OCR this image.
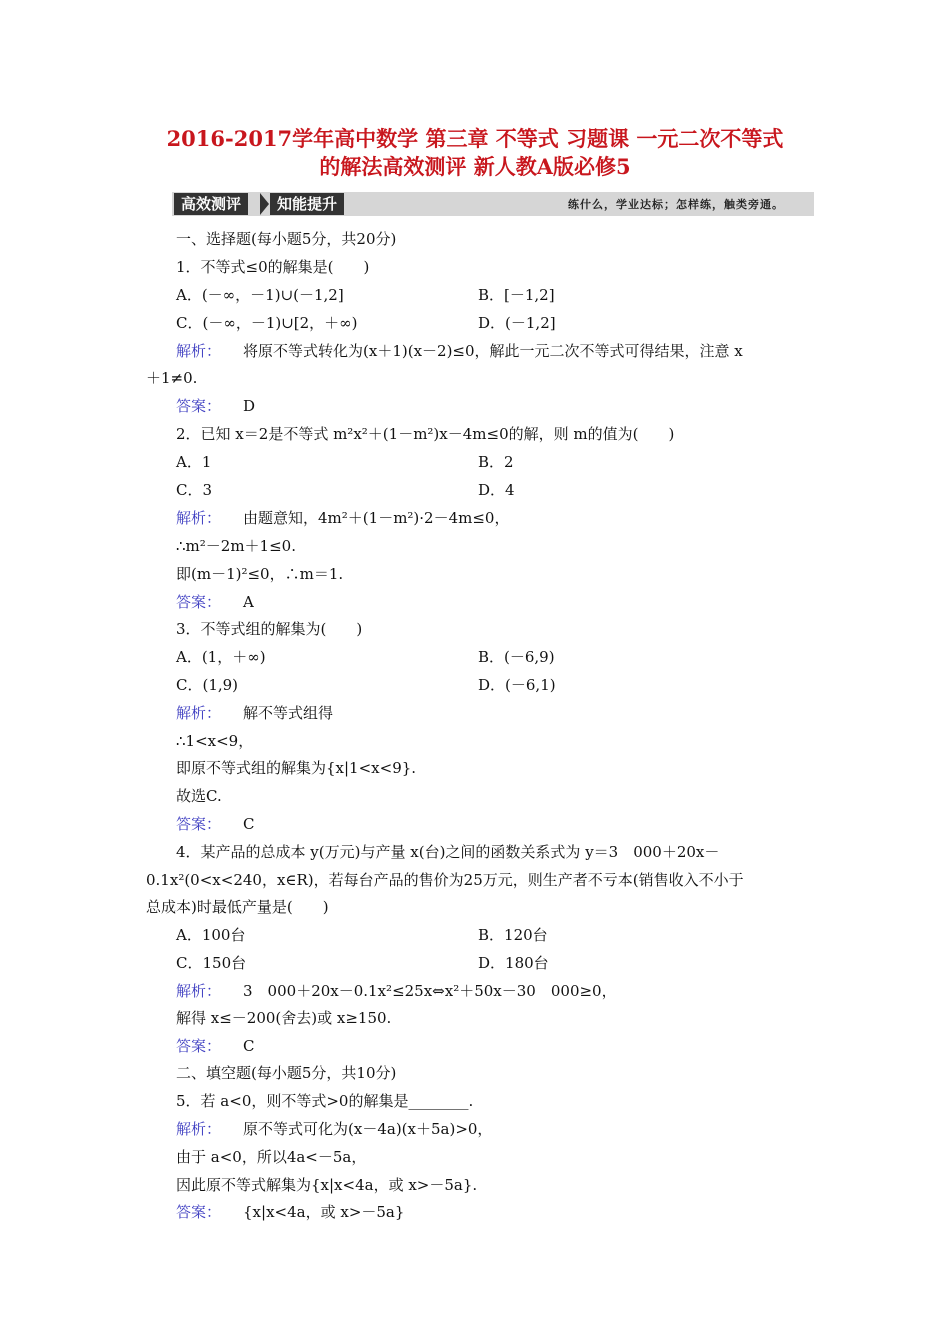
2016-2017学年高中数学 第三章 不等式 习题课 一元二次不等式
的解法高效测评 新人教A版必修5
高效测评	知能提升	练什么，学业达标；怎样练，触类旁通。
一、选择题(每小题5分，共20分)
1．不等式≤0的解集是(　　)
A．(－∞，－1)∪(－1,2]	B．[－1,2]
C．(－∞，－1)∪[2，＋∞)	D．(－1,2]
解析： 将原不等式转化为(x＋1)(x－2)≤0，解此一元二次不等式可得结果，注意 x
＋1≠0.
答案： D
2．已知 x＝2是不等式 m²x²＋(1－m²)x－4m≤0的解，则 m的值为(　　)
A．1	B．2
C．3	D．4
解析： 由题意知，4m²＋(1－m²)·2－4m≤0，
∴m²－2m＋1≤0.
即(m－1)²≤0，∴m＝1.
答案： A
3．不等式组的解集为(　　)
A．(1，＋∞)	B．(－6,9)
C．(1,9)	D．(－6,1)
解析： 解不等式组得
∴1<x<9，
即原不等式组的解集为{x|1<x<9}.
故选C.
答案： C
4．某产品的总成本 y(万元)与产量 x(台)之间的函数关系式为 y＝3　000＋20x－
0.1x²(0<x<240，x∈R)，若每台产品的售价为25万元，则生产者不亏本(销售收入不小于
总成本)时最低产量是(　　)
A．100台	B．120台
C．150台	D．180台
解析： 3　000＋20x－0.1x²≤25x⇔x²＋50x－30　000≥0，
解得 x≤－200(舍去)或 x≥150.
答案： C
二、填空题(每小题5分，共10分)
5．若 a<0，则不等式>0的解集是________.
解析： 原不等式可化为(x－4a)(x＋5a)>0，
由于 a<0，所以4a<－5a，
因此原不等式解集为{x|x<4a，或 x>－5a}.
答案： {x|x<4a，或 x>－5a}
